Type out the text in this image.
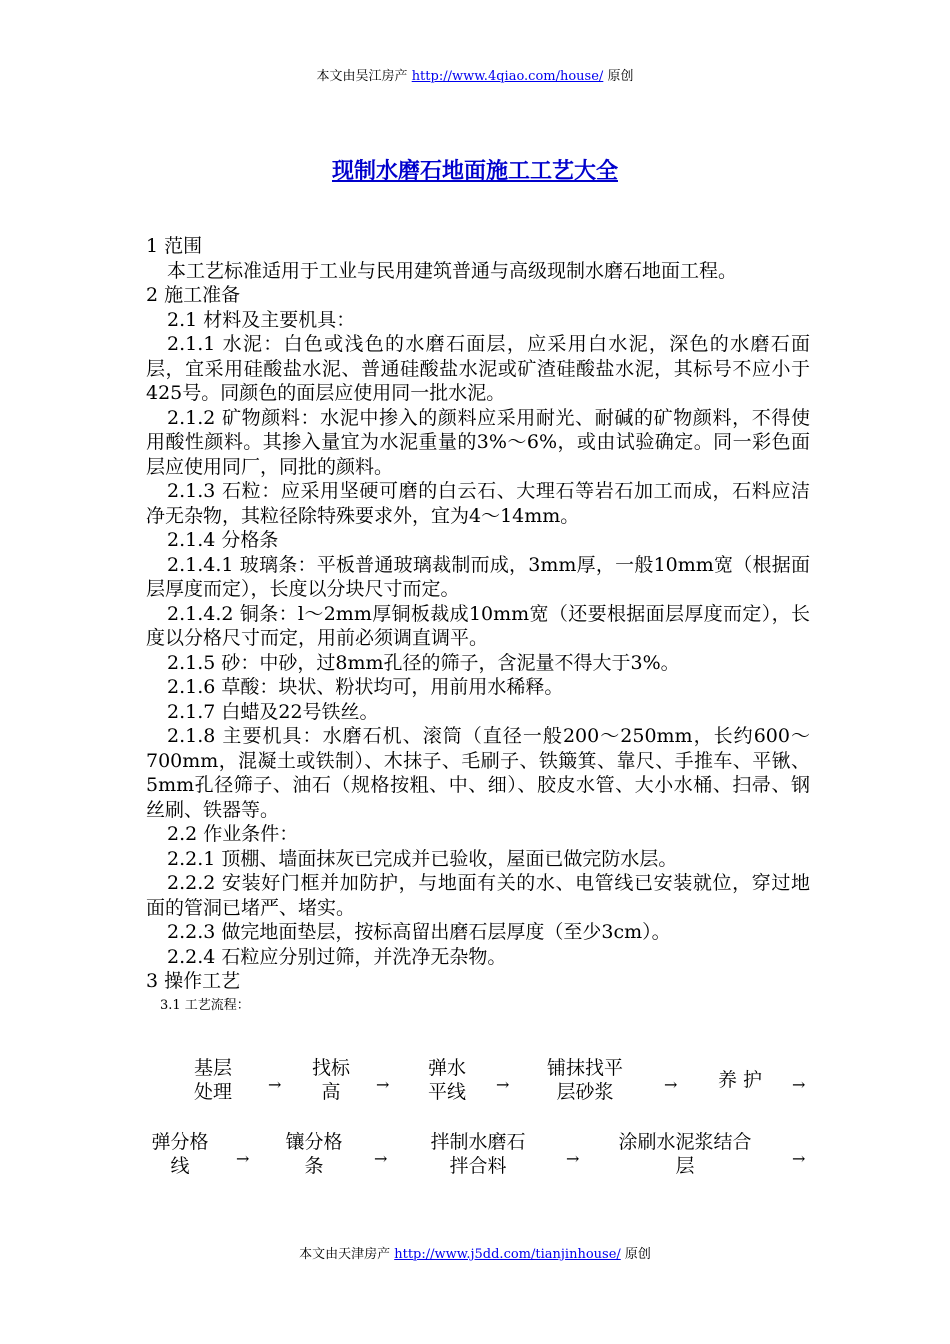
本文由吴江房产 http://www.4qiao.com/house/ 原创
现制水磨石地面施工工艺大全

1 范围

本工艺标准适用于工业与民用建筑普通与高级现制水磨石地面工程。

2 施工准备

2.1 材料及主要机具：

2.1.1 水泥：白色或浅色的水磨石面层，应采用白水泥，深色的水磨石面层，宜采用硅酸盐水泥、普通硅酸盐水泥或矿渣硅酸盐水泥，其标号不应小于425号。同颜色的面层应使用同一批水泥。

2.1.2 矿物颜料：水泥中掺入的颜料应采用耐光、耐碱的矿物颜料，不得使用酸性颜料。其掺入量宜为水泥重量的3%～6%，或由试验确定。同一彩色面层应使用同厂，同批的颜料。

2.1.3 石粒：应采用坚硬可磨的白云石、大理石等岩石加工而成，石料应洁净无杂物，其粒径除特殊要求外，宜为4～14mm。

2.1.4 分格条

2.1.4.1 玻璃条：平板普通玻璃裁制而成，3mm厚，一般10mm宽（根据面层厚度而定），长度以分块尺寸而定。

2.1.4.2 铜条：l～2mm厚铜板裁成10mm宽（还要根据面层厚度而定），长度以分格尺寸而定，用前必须调直调平。

2.1.5 砂：中砂，过8mm孔径的筛子，含泥量不得大于3%。

2.1.6 草酸：块状、粉状均可，用前用水稀释。

2.1.7 白蜡及22号铁丝。

2.1.8 主要机具：水磨石机、滚筒（直径一般200～250mm，长约600～700mm，混凝土或铁制）、木抹子、毛刷子、铁簸箕、靠尺、手推车、平锹、5mm孔径筛子、油石（规格按粗、中、细）、胶皮水管、大小水桶、扫帚、钢丝刷、铁器等。

2.2 作业条件：

2.2.1 顶棚、墙面抹灰已完成并已验收，屋面已做完防水层。

2.2.2 安装好门框并加防护，与地面有关的水、电管线已安装就位，穿过地面的管洞已堵严、堵实。

2.2.3 做完地面垫层，按标高留出磨石层厚度（至少3cm）。

2.2.4 石粒应分别过筛，并洗净无杂物。

3 操作工艺

3.1 工艺流程：

基层
处理	→
找标
高	→
弹水
平线	→
铺抹找平
层砂浆	→	养 护	→
弹分格
线	→
镶分格
条	→
拌制水磨石
拌合料	→
涂刷水泥浆结合
层	→
本文由天津房产 http://www.j5dd.com/tianjinhouse/ 原创
